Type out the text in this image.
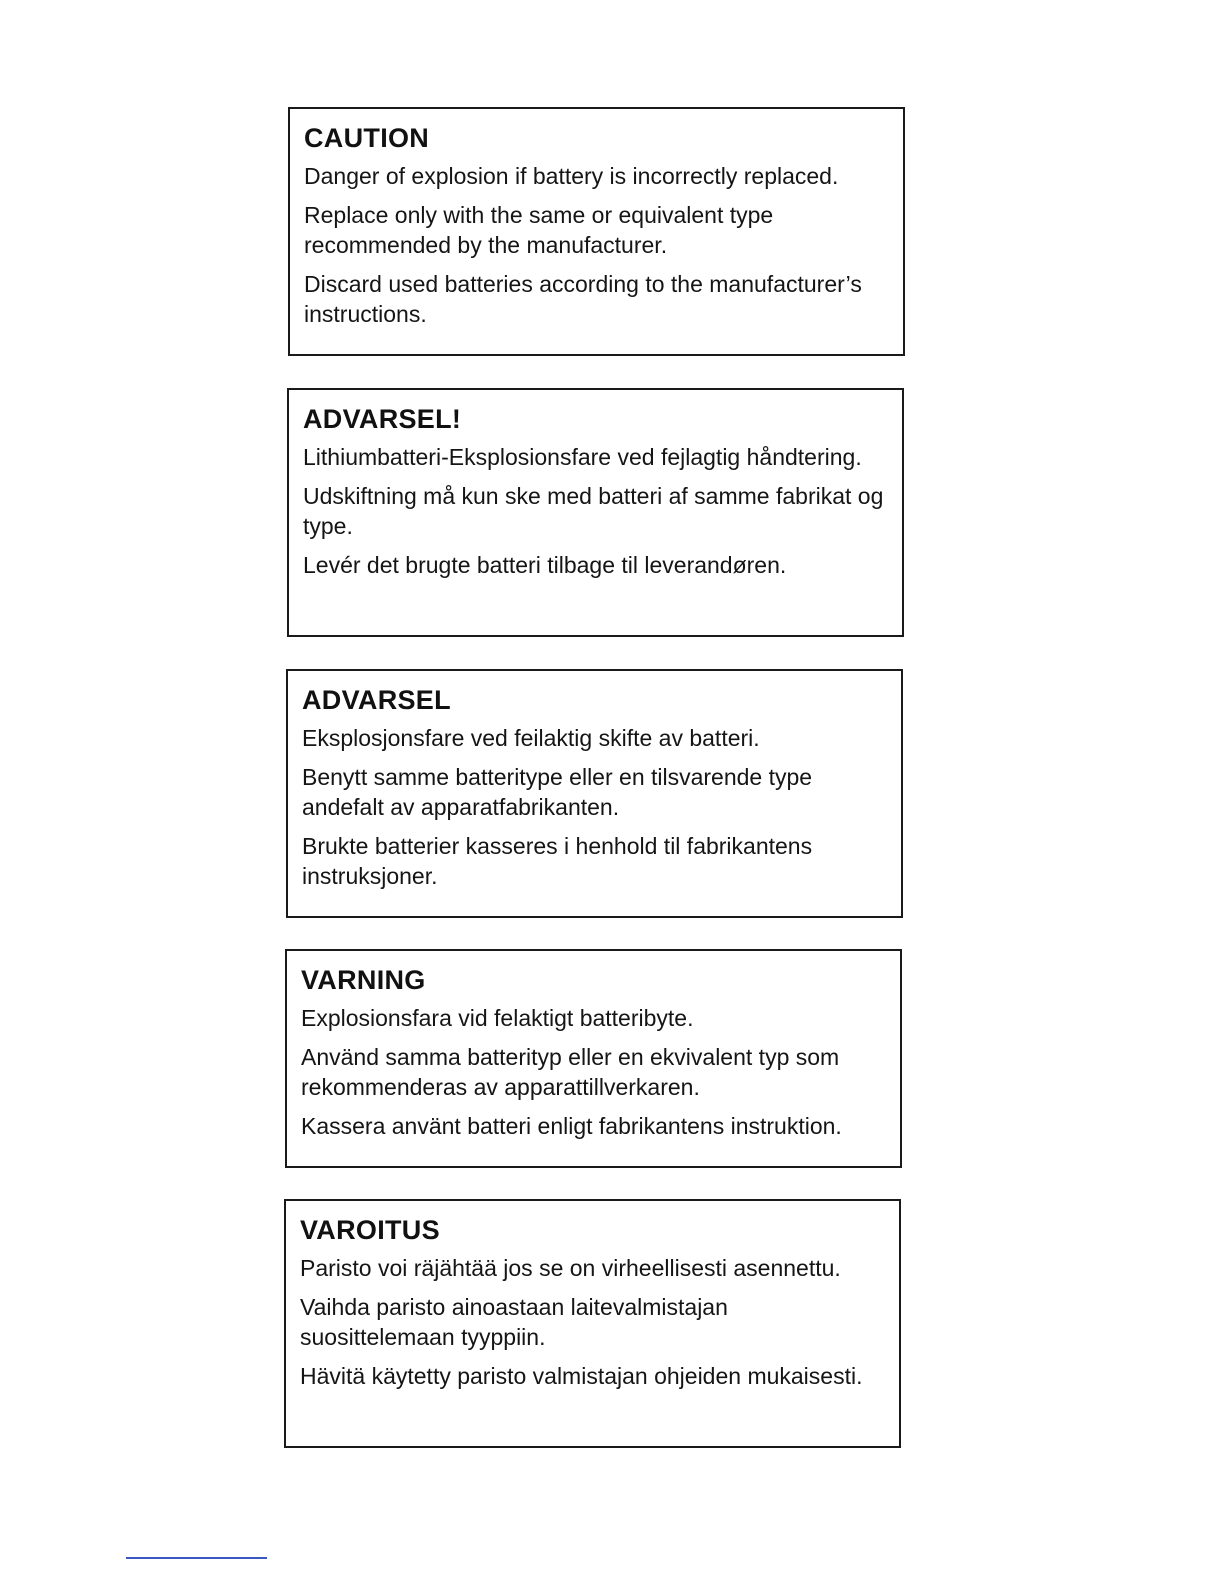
CAUTION

Danger of explosion if battery is incorrectly replaced.

Replace only with the same or equivalent type recommended by the manufacturer.

Discard used batteries according to the manufacturer’s instructions.

ADVARSEL!

Lithiumbatteri-Eksplosionsfare ved fejlagtig håndtering.

Udskiftning må kun ske med batteri af samme fabrikat og type.

Levér det brugte batteri tilbage til leverandøren.

ADVARSEL

Eksplosjonsfare ved feilaktig skifte av batteri.

Benytt samme batteritype eller en tilsvarende type andefalt av apparatfabrikanten.

Brukte batterier kasseres i henhold til fabrikantens instruksjoner.

VARNING

Explosionsfara vid felaktigt batteribyte.

Använd samma batterityp eller en ekvivalent typ som rekommenderas av apparattillverkaren.

Kassera använt batteri enligt fabrikantens instruktion.

VAROITUS

Paristo voi räjähtää jos se on virheellisesti asennettu.

Vaihda paristo ainoastaan laitevalmistajan suosittelemaan tyyppiin.

Hävitä käytetty paristo valmistajan ohjeiden mukaisesti.
